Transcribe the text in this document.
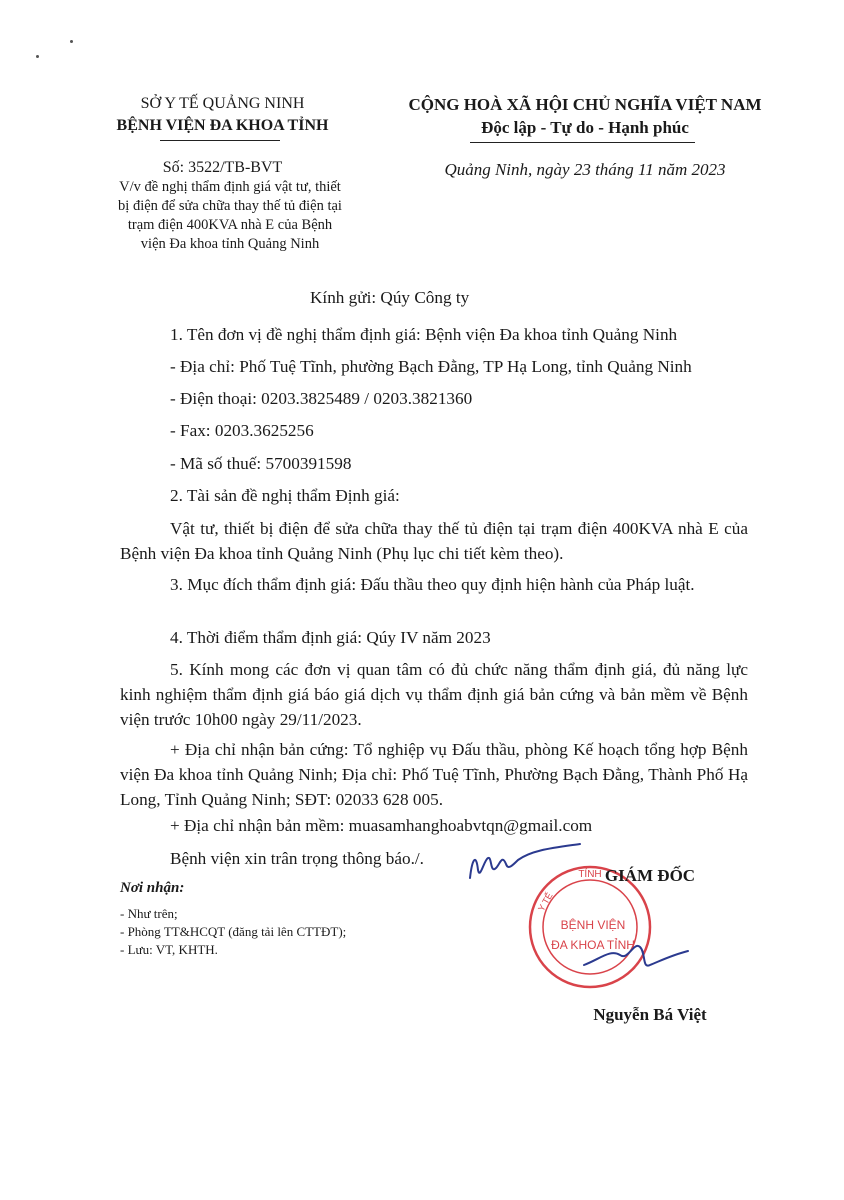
SỞ Y TẾ QUẢNG NINH
BỆNH VIỆN ĐA KHOA TỈNH
CỘNG HOÀ XÃ HỘI CHỦ NGHĨA VIỆT NAM
Độc lập - Tự do - Hạnh phúc
Số: 3522/TB-BVT
V/v đề nghị thẩm định giá vật tư, thiết
bị điện để sửa chữa thay thế tủ điện tại
trạm điện 400KVA nhà E của Bệnh
viện Đa khoa tỉnh Quảng Ninh
Quảng Ninh, ngày 23 tháng 11 năm 2023
Kính gửi: Qúy Công ty
1. Tên đơn vị đề nghị thẩm định giá: Bệnh viện Đa khoa tỉnh Quảng Ninh
- Địa chỉ: Phố Tuệ Tĩnh, phường Bạch Đằng, TP Hạ Long, tỉnh Quảng Ninh
- Điện thoại: 0203.3825489 / 0203.3821360
- Fax: 0203.3625256
- Mã số thuế: 5700391598
2. Tài sản đề nghị thẩm Định giá:
Vật tư, thiết bị điện để sửa chữa thay thế tủ điện tại trạm điện 400KVA nhà E của Bệnh viện Đa khoa tỉnh Quảng Ninh (Phụ lục chi tiết kèm theo).
3. Mục đích thẩm định giá: Đấu thầu theo quy định hiện hành của Pháp luật.
4. Thời điểm thẩm định giá: Qúy IV năm 2023
5. Kính mong các đơn vị quan tâm có đủ chức năng thẩm định giá, đủ năng lực kinh nghiệm thẩm định giá báo giá dịch vụ thẩm định giá bản cứng và bản mềm về Bệnh viện trước 10h00 ngày 29/11/2023.
+ Địa chỉ nhận bản cứng: Tổ nghiệp vụ Đấu thầu, phòng Kế hoạch tổng hợp Bệnh viện Đa khoa tỉnh Quảng Ninh; Địa chỉ: Phố Tuệ Tĩnh, Phường Bạch Đằng, Thành Phố Hạ Long, Tỉnh Quảng Ninh; SĐT: 02033 628 005.
+ Địa chỉ nhận bản mềm: muasamhanghoabvtqn@gmail.com
Bệnh viện xin trân trọng thông báo./.
Nơi nhận:
- Như trên;
- Phòng TT&HCQT (đăng tải lên CTTĐT);
- Lưu: VT, KHTH.
TỈNH
Y TẾ
BỆNH VIỆN
ĐA KHOA TỈNH
GIÁM ĐỐC
Nguyễn Bá Việt
